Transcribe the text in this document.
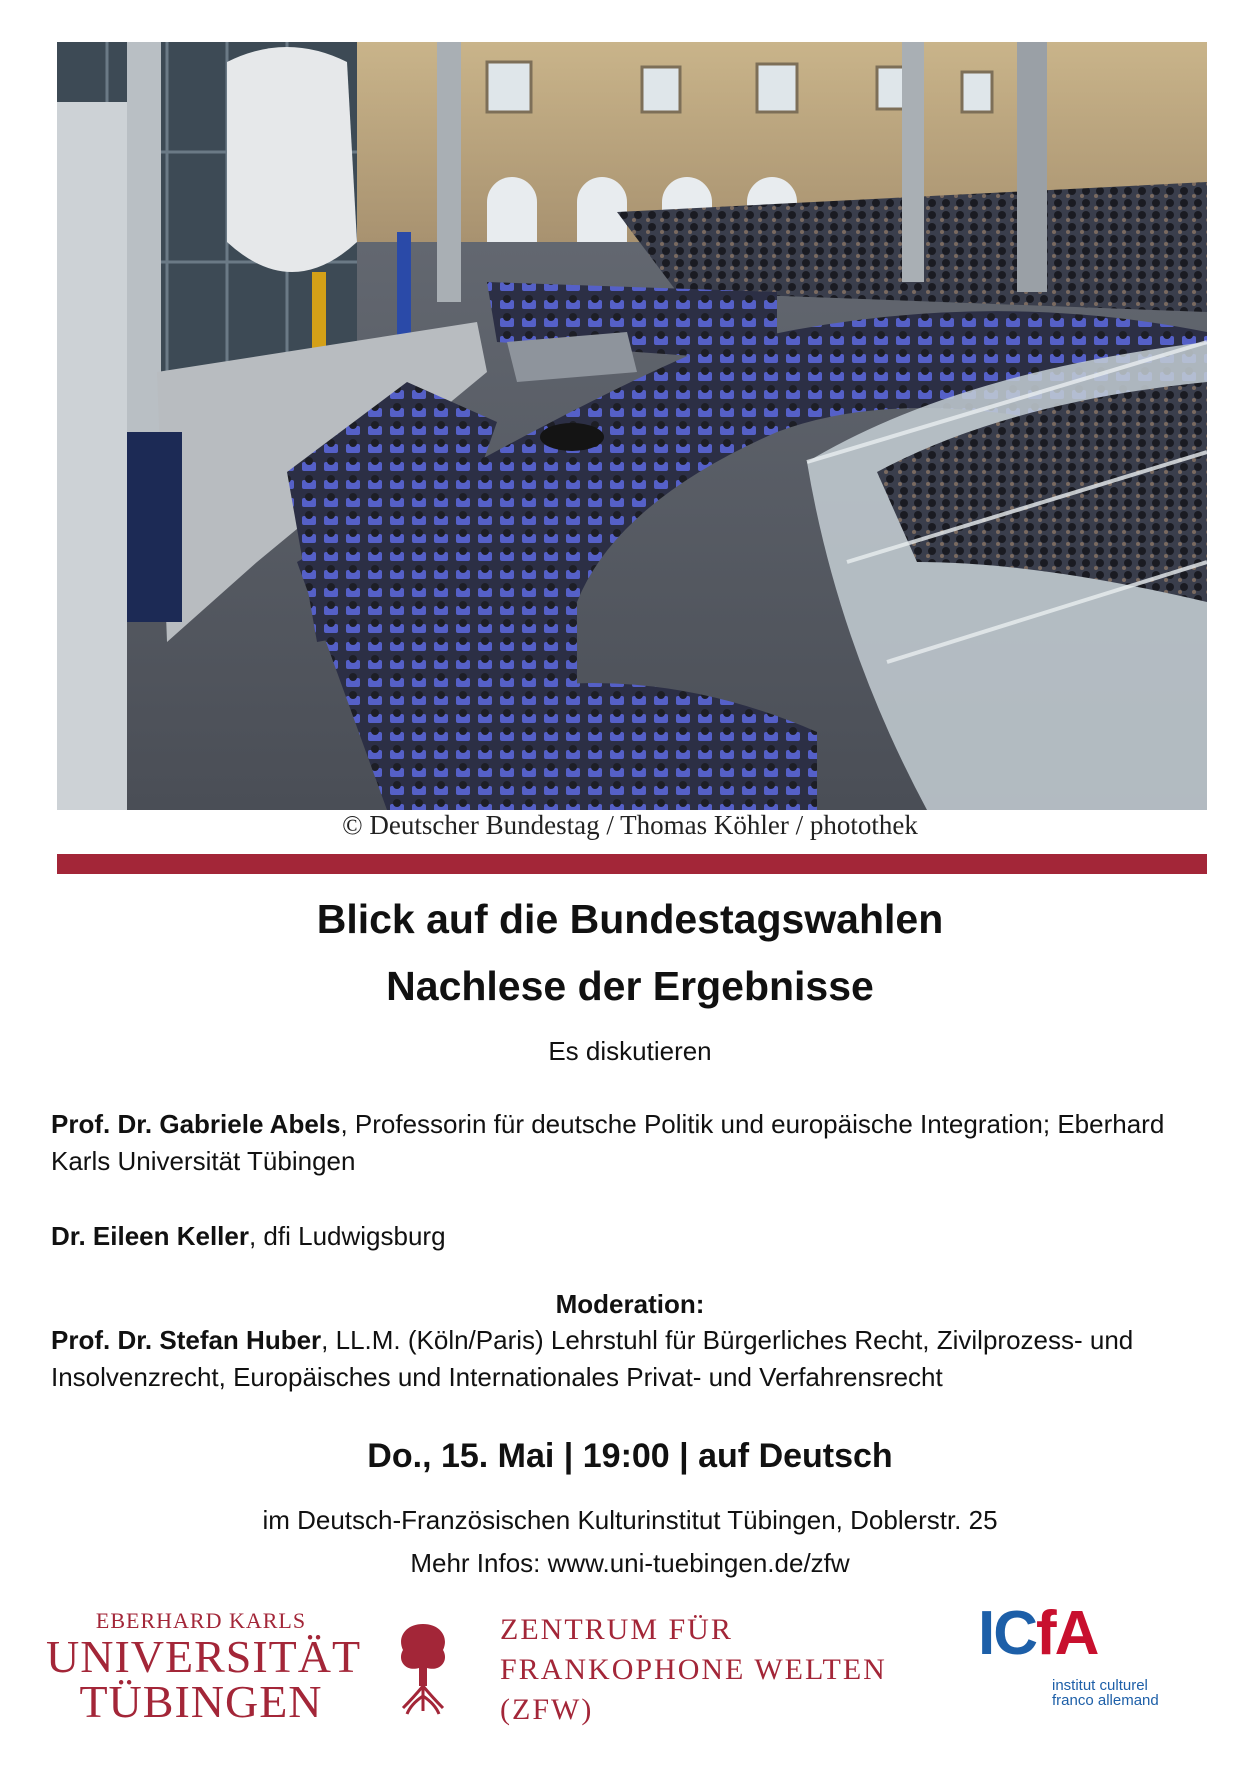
© Deutscher Bundestag / Thomas Köhler / photothek
Blick auf die Bundestagswahlen
Nachlese der Ergebnisse
Es diskutieren
Prof. Dr. Gabriele Abels, Professorin für deutsche Politik und europäische Integration; Eberhard Karls Universität Tübingen
Dr. Eileen Keller, dfi Ludwigsburg
Moderation:
Prof. Dr. Stefan Huber, LL.M. (Köln/Paris) Lehrstuhl für Bürgerliches Recht, Zivilprozess- und Insolvenzrecht, Europäisches und Internationales Privat- und Verfahrensrecht
Do., 15. Mai | 19:00 | auf Deutsch
im Deutsch-Französischen Kulturinstitut Tübingen, Doblerstr. 25
Mehr Infos: www.uni-tuebingen.de/zfw
EBERHARD KARLS
UNIVERSITÄT
TÜBINGEN
ZENTRUM FÜR
FRANKOPHONE WELTEN
(ZFW)
ICfA
institut culturel
franco allemand
